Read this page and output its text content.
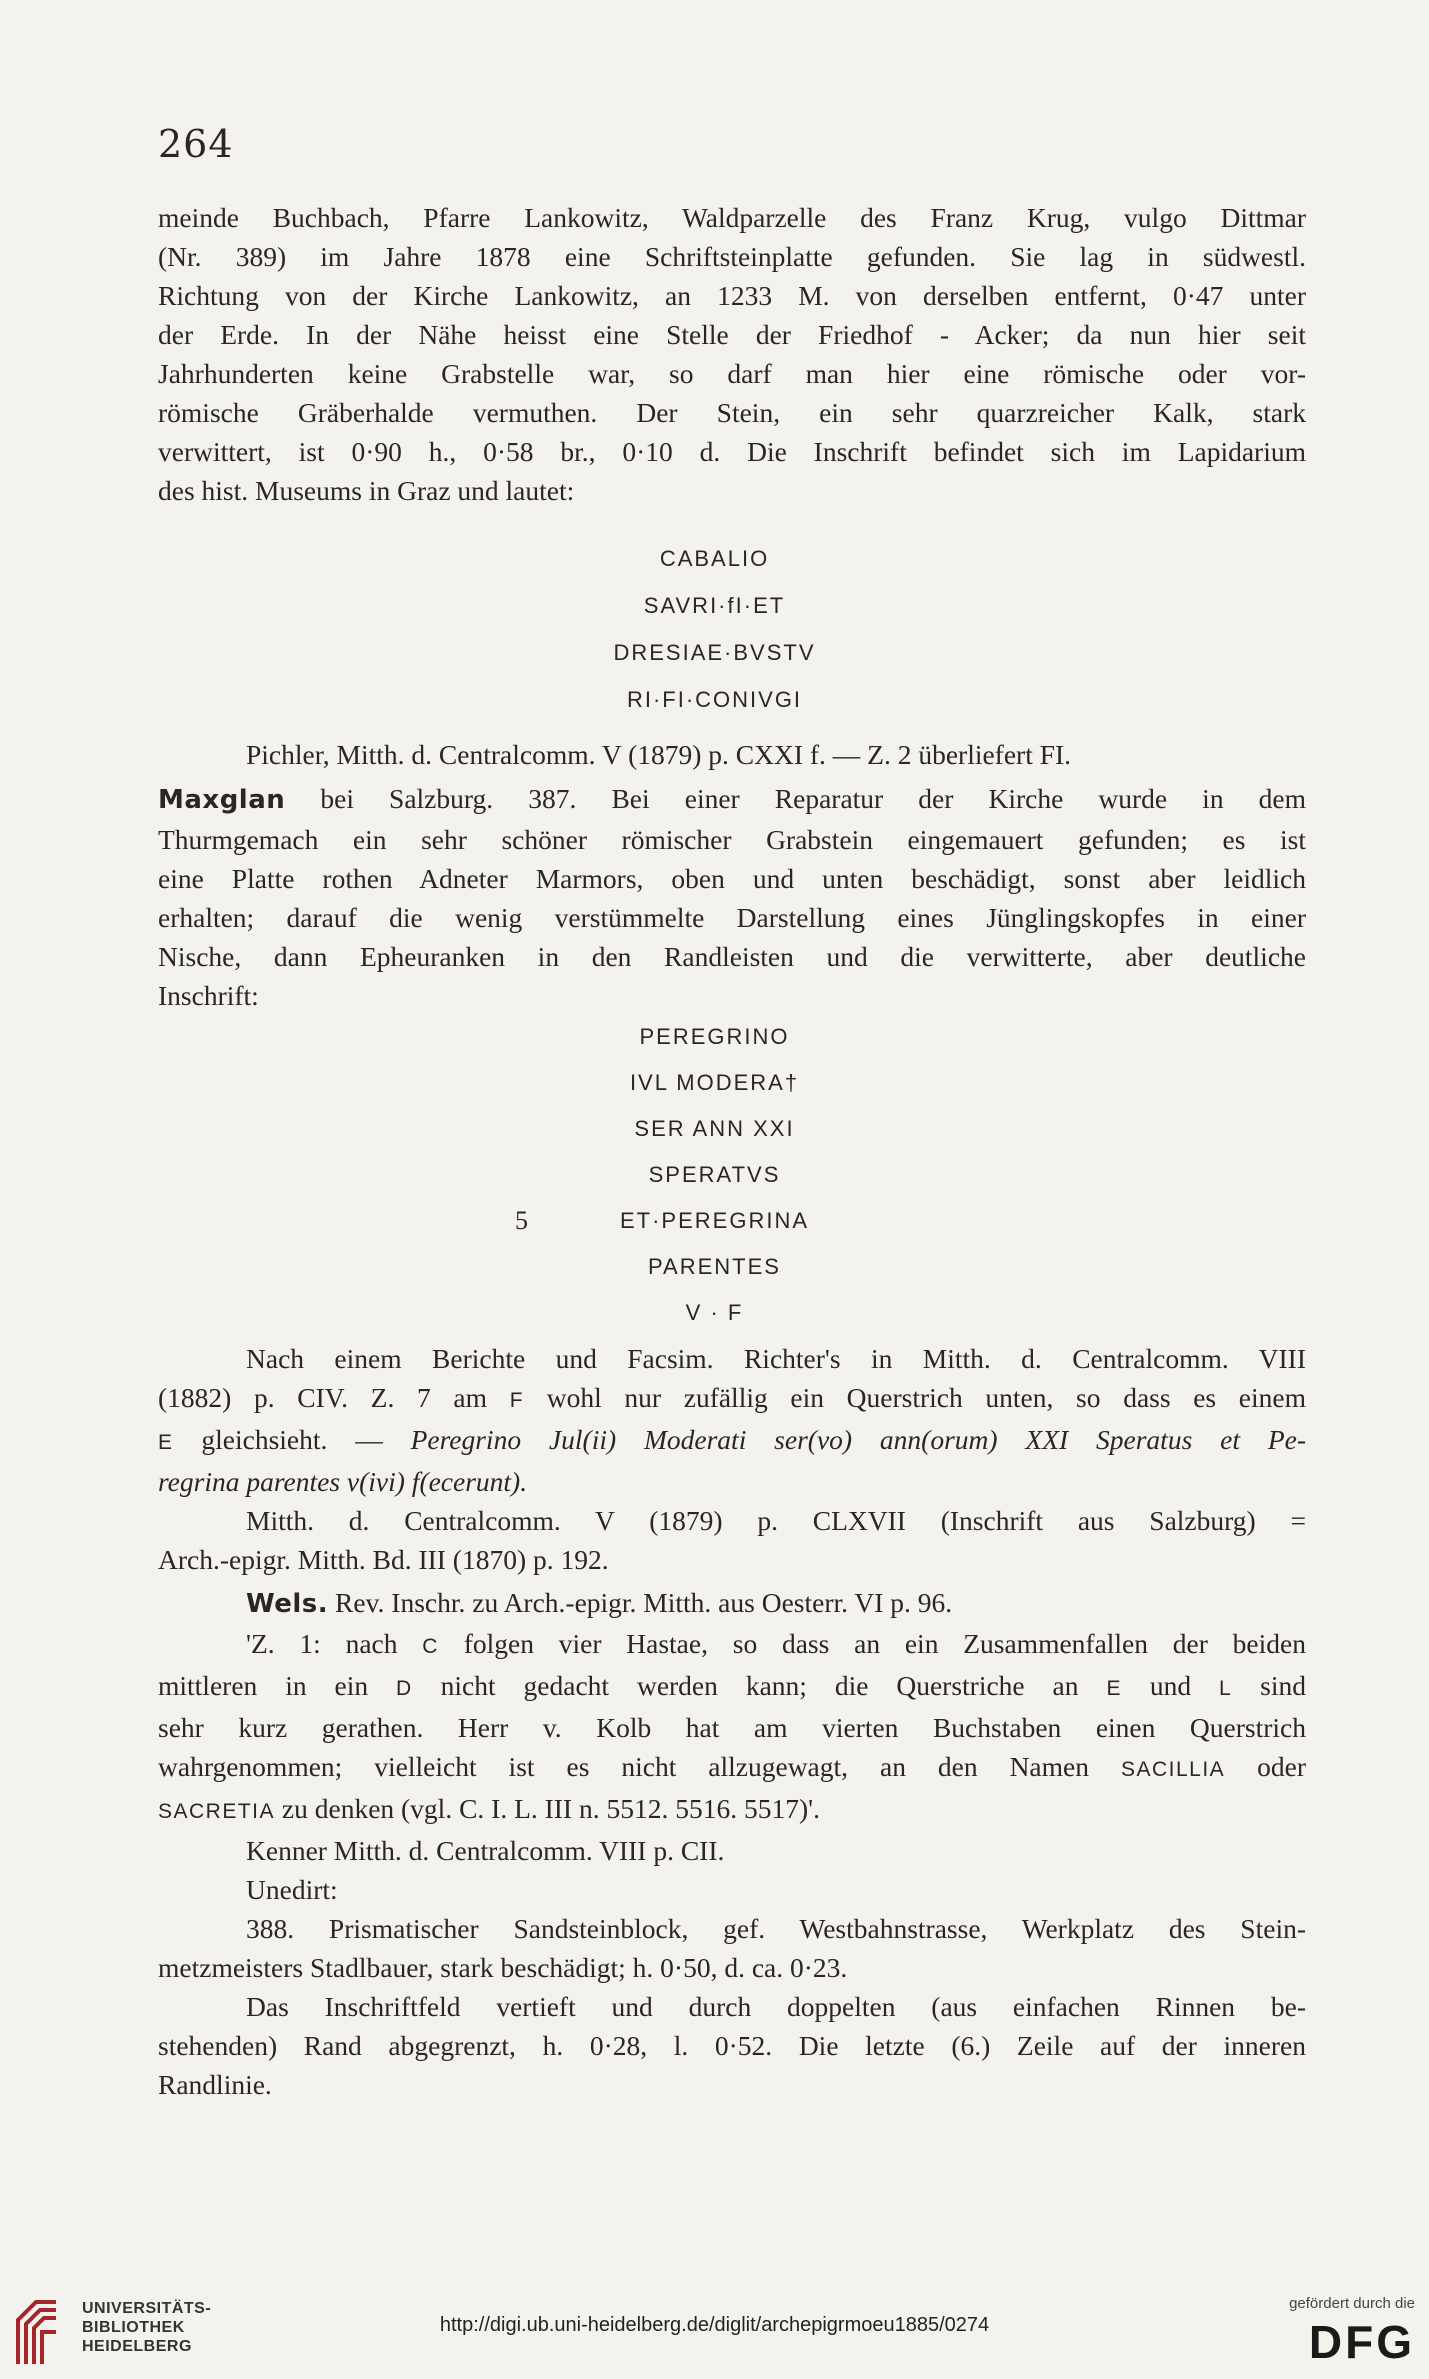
264

meinde Buchbach, Pfarre Lankowitz, Waldparzelle des Franz Krug, vulgo Dittmar

(Nr. 389) im Jahre 1878 eine Schriftsteinplatte gefunden. Sie lag in südwestl.

Richtung von der Kirche Lankowitz, an 1233 M. von derselben entfernt, 0·47 unter

der Erde. In der Nähe heisst eine Stelle der Friedhof - Acker; da nun hier seit

Jahrhunderten keine Grabstelle war, so darf man hier eine römische oder vor-

römische Gräberhalde vermuthen. Der Stein, ein sehr quarzreicher Kalk, stark

verwittert, ist 0·90 h., 0·58 br., 0·10 d. Die Inschrift befindet sich im Lapidarium

des hist. Museums in Graz und lautet:

CABALIO
SAVRI·fI·ET
DRESIAE·BVSTV
RI·FI·CONIVGI

Pichler, Mitth. d. Centralcomm. V (1879) p. CXXI f. — Z. 2 überliefert FI.

Maxglan bei Salzburg. 387. Bei einer Reparatur der Kirche wurde in dem

Thurmgemach ein sehr schöner römischer Grabstein eingemauert gefunden; es ist

eine Platte rothen Adneter Marmors, oben und unten beschädigt, sonst aber leidlich

erhalten; darauf die wenig verstümmelte Darstellung eines Jünglingskopfes in einer

Nische, dann Epheuranken in den Randleisten und die verwitterte, aber deutliche

Inschrift:

PEREGRINO
IVL MODERA†
SER ANN XXI
SPERATVS
5	ET·PEREGRINA
PARENTES
V · F

Nach einem Berichte und Facsim. Richter's in Mitth. d. Centralcomm. VIII

(1882) p. CIV. Z. 7 am F wohl nur zufällig ein Querstrich unten, so dass es einem

E gleichsieht. — Peregrino Jul(ii) Moderati ser(vo) ann(orum) XXI Speratus et Pe-

regrina parentes v(ivi) f(ecerunt).

Mitth. d. Centralcomm. V (1879) p. CLXVII (Inschrift aus Salzburg) =

Arch.-epigr. Mitth. Bd. III (1870) p. 192.

Wels. Rev. Inschr. zu Arch.-epigr. Mitth. aus Oesterr. VI p. 96.

'Z. 1: nach C folgen vier Hastae, so dass an ein Zusammenfallen der beiden

mittleren in ein D nicht gedacht werden kann; die Querstriche an E und L sind

sehr kurz gerathen. Herr v. Kolb hat am vierten Buchstaben einen Querstrich

wahrgenommen; vielleicht ist es nicht allzugewagt, an den Namen SACILLIA oder

SACRETIA zu denken (vgl. C. I. L. III n. 5512. 5516. 5517)'.

Kenner Mitth. d. Centralcomm. VIII p. CII.

Unedirt:

388. Prismatischer Sandsteinblock, gef. Westbahnstrasse, Werkplatz des Stein-

metzmeisters Stadlbauer, stark beschädigt; h. 0·50, d. ca. 0·23.

Das Inschriftfeld vertieft und durch doppelten (aus einfachen Rinnen be-

stehenden) Rand abgegrenzt, h. 0·28, l. 0·52. Die letzte (6.) Zeile auf der inneren

Randlinie.

UNIVERSITÄTS-
BIBLIOTHEK
HEIDELBERG
http://digi.ub.uni-heidelberg.de/diglit/archepigrmoeu1885/0274
gefördert durch die
DFG
